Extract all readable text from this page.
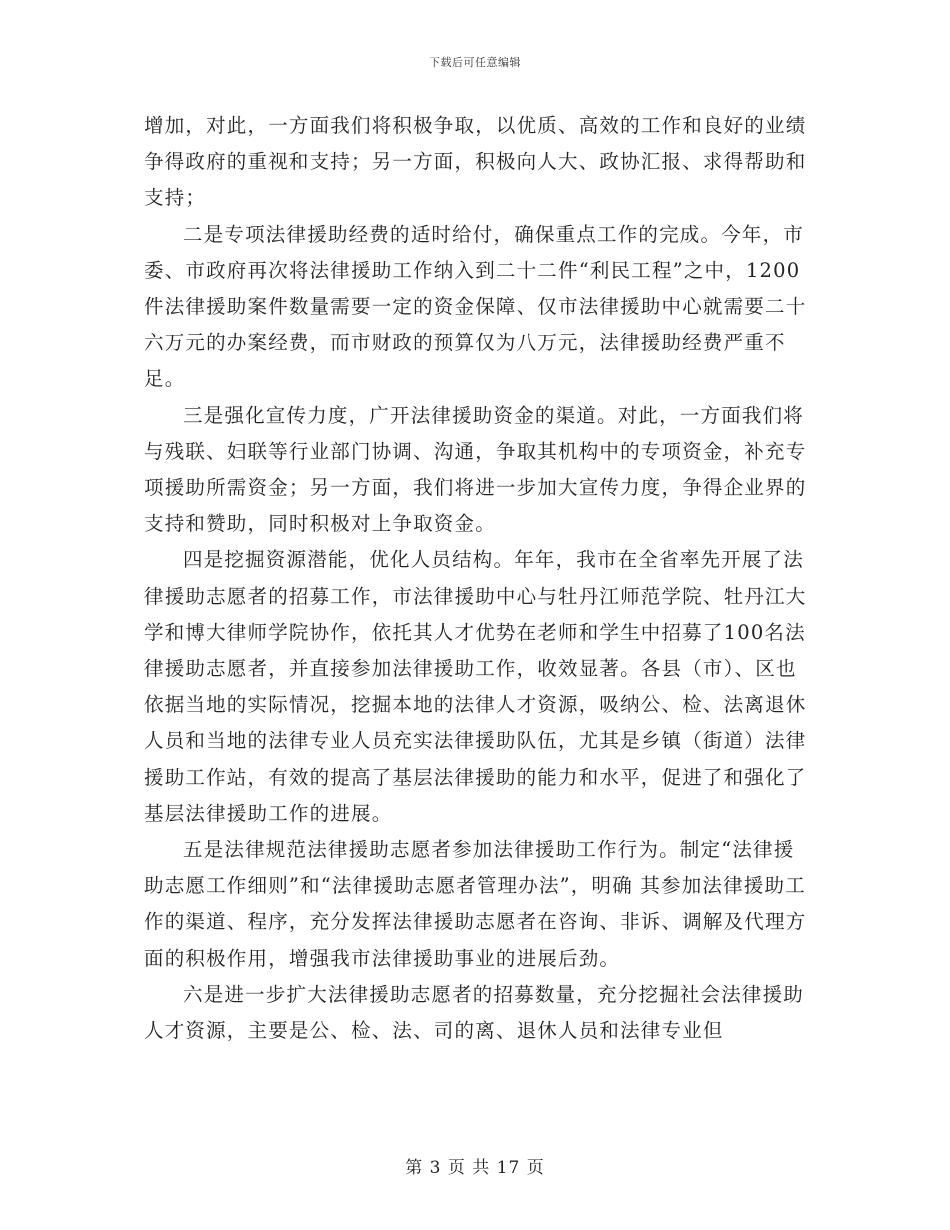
下载后可任意编辑

增加，对此，一方面我们将积极争取，以优质、高效的工作和良好的业绩争得政府的重视和支持；另一方面，积极向人大、政协汇报、求得帮助和支持；

二是专项法律援助经费的适时给付，确保重点工作的完成。今年，市委、市政府再次将法律援助工作纳入到二十二件“利民工程”之中，1200件法律援助案件数量需要一定的资金保障、仅市法律援助中心就需要二十六万元的办案经费，而市财政的预算仅为八万元，法律援助经费严重不足。

三是强化宣传力度，广开法律援助资金的渠道。对此，一方面我们将与残联、妇联等行业部门协调、沟通，争取其机构中的专项资金，补充专项援助所需资金；另一方面，我们将进一步加大宣传力度，争得企业界的支持和赞助，同时积极对上争取资金。

四是挖掘资源潜能，优化人员结构。年年，我市在全省率先开展了法律援助志愿者的招募工作，市法律援助中心与牡丹江师范学院、牡丹江大学和博大律师学院协作，依托其人才优势在老师和学生中招募了100名法律援助志愿者，并直接参加法律援助工作，收效显著。各县（市）、区也依据当地的实际情况，挖掘本地的法律人才资源，吸纳公、检、法离退休人员和当地的法律专业人员充实法律援助队伍，尤其是乡镇（街道）法律援助工作站，有效的提高了基层法律援助的能力和水平，促进了和强化了基层法律援助工作的进展。

五是法律规范法律援助志愿者参加法律援助工作行为。制定“法律援助志愿工作细则”和“法律援助志愿者管理办法”，明确 其参加法律援助工作的渠道、程序，充分发挥法律援助志愿者在咨询、非诉、调解及代理方面的积极作用，增强我市法律援助事业的进展后劲。

六是进一步扩大法律援助志愿者的招募数量，充分挖掘社会法律援助人才资源，主要是公、检、法、司的离、退休人员和法律专业但

第 3 页 共 17 页
